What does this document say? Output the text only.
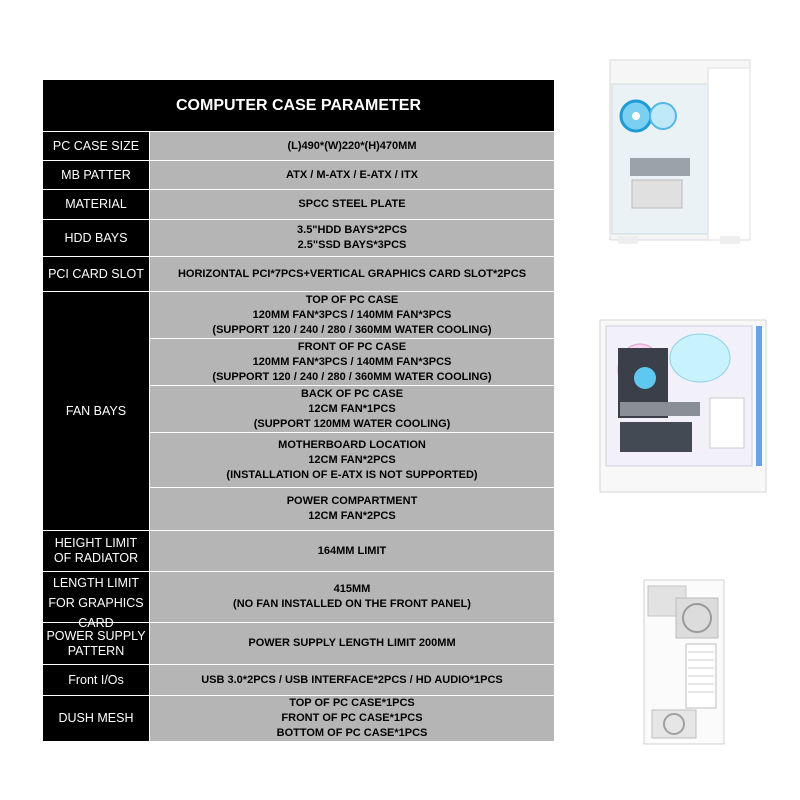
COMPUTER CASE PARAMETER	

PC CASE SIZE	(L)490*(W)220*(H)470MM

MB PATTER	ATX / M-ATX / E-ATX / ITX

MATERIAL	SPCC STEEL PLATE

HDD BAYS	3.5"HDD BAYS*2PCS
2.5"SSD BAYS*3PCS

PCI CARD SLOT	HORIZONTAL PCI*7PCS+VERTICAL GRAPHICS CARD SLOT*2PCS

FAN BAYS	TOP OF PC CASE
120MM FAN*3PCS / 140MM FAN*3PCS
(SUPPORT 120 / 240 / 280 / 360MM WATER COOLING)

	FRONT OF PC CASE
120MM FAN*3PCS / 140MM FAN*3PCS
(SUPPORT 120 / 240 / 280 / 360MM WATER COOLING)

	BACK OF PC CASE
12CM FAN*1PCS
(SUPPORT 120MM WATER COOLING)

	MOTHERBOARD LOCATION
12CM FAN*2PCS
(INSTALLATION OF E-ATX IS NOT SUPPORTED)

	POWER COMPARTMENT
12CM FAN*2PCS

HEIGHT LIMIT
OF RADIATOR	164MM LIMIT

LENGTH LIMIT
FOR GRAPHICS
CARD	415MM
(NO FAN INSTALLED ON THE FRONT PANEL)

POWER SUPPLY
PATTERN	POWER SUPPLY LENGTH LIMIT 200MM

Front I/Os	USB 3.0*2PCS / USB INTERFACE*2PCS / HD AUDIO*1PCS

DUSH MESH	TOP OF PC CASE*1PCS
FRONT OF PC CASE*1PCS
BOTTOM OF PC CASE*1PCS
